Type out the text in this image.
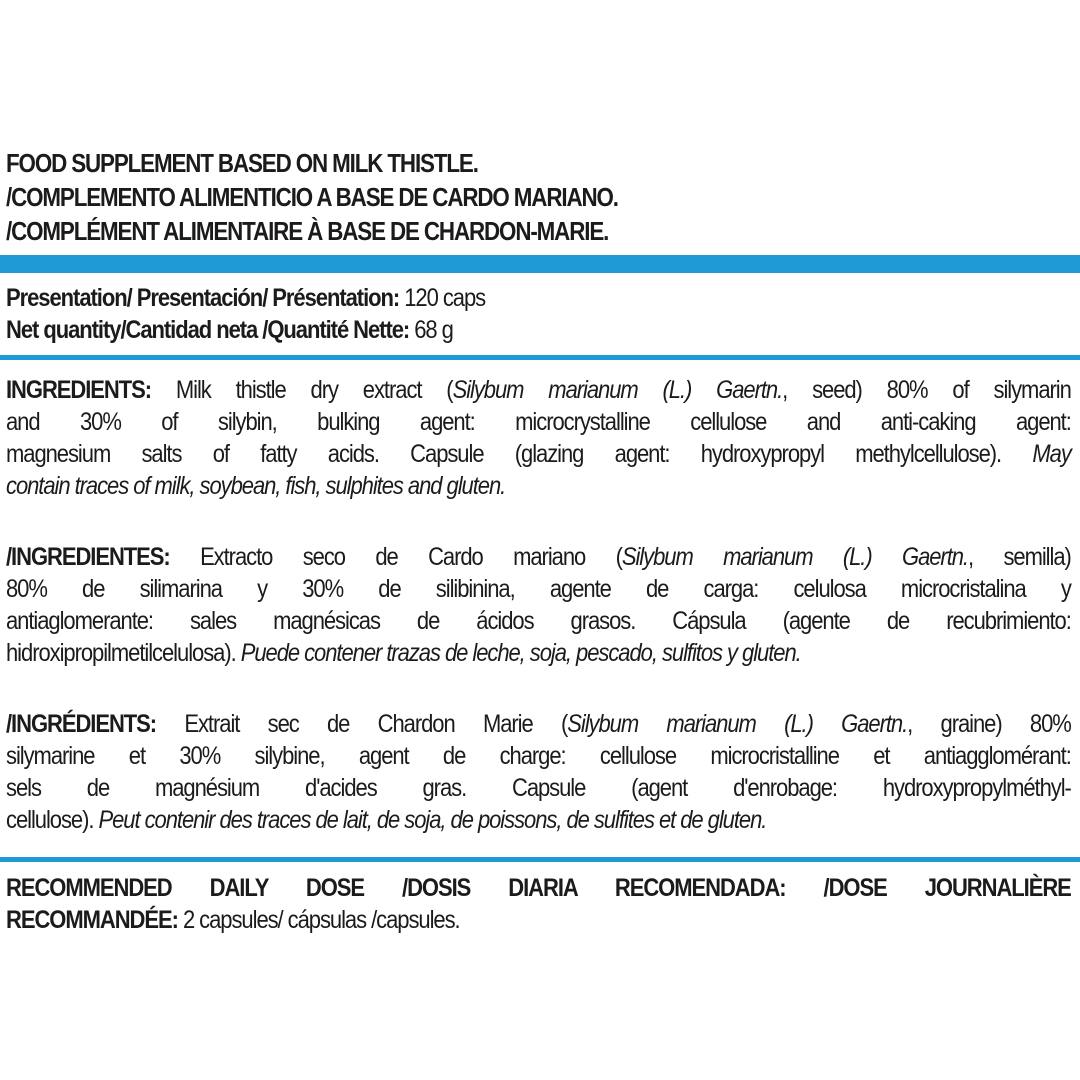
FOOD SUPPLEMENT BASED ON MILK THISTLE.
/COMPLEMENTO ALIMENTICIO A BASE DE CARDO MARIANO.
/COMPLÉMENT ALIMENTAIRE À BASE DE CHARDON-MARIE.
Presentation/ Presentación/ Présentation: 120 caps
Net quantity/Cantidad neta /Quantité Nette: 68 g
INGREDIENTS: Milk thistle dry extract (Silybum marianum (L.) Gaertn., seed) 80% of silymarin
and 30% of silybin, bulking agent: microcrystalline cellulose and anti-caking agent:
magnesium salts of fatty acids. Capsule (glazing agent: hydroxypropyl methylcellulose). May
contain traces of milk, soybean, fish, sulphites and gluten.
/INGREDIENTES: Extracto seco de Cardo mariano (Silybum marianum (L.) Gaertn., semilla)
80% de silimarina y 30% de silibinina, agente de carga: celulosa microcristalina y
antiaglomerante: sales magnésicas de ácidos grasos. Cápsula (agente de recubrimiento:
hidroxipropilmetilcelulosa). Puede contener trazas de leche, soja, pescado, sulfitos y gluten.
/INGRÉDIENTS: Extrait sec de Chardon Marie (Silybum marianum (L.) Gaertn., graine) 80%
silymarine et 30% silybine, agent de charge: cellulose microcristalline et antiagglomérant:
sels de magnésium d'acides gras. Capsule (agent d'enrobage: hydroxypropylméthyl-
cellulose). Peut contenir des traces de lait, de soja, de poissons, de sulfites et de gluten.
RECOMMENDED DAILY DOSE /DOSIS DIARIA RECOMENDADA: /DOSE JOURNALIÈRE
RECOMMANDÉE: 2 capsules/ cápsulas /capsules.
